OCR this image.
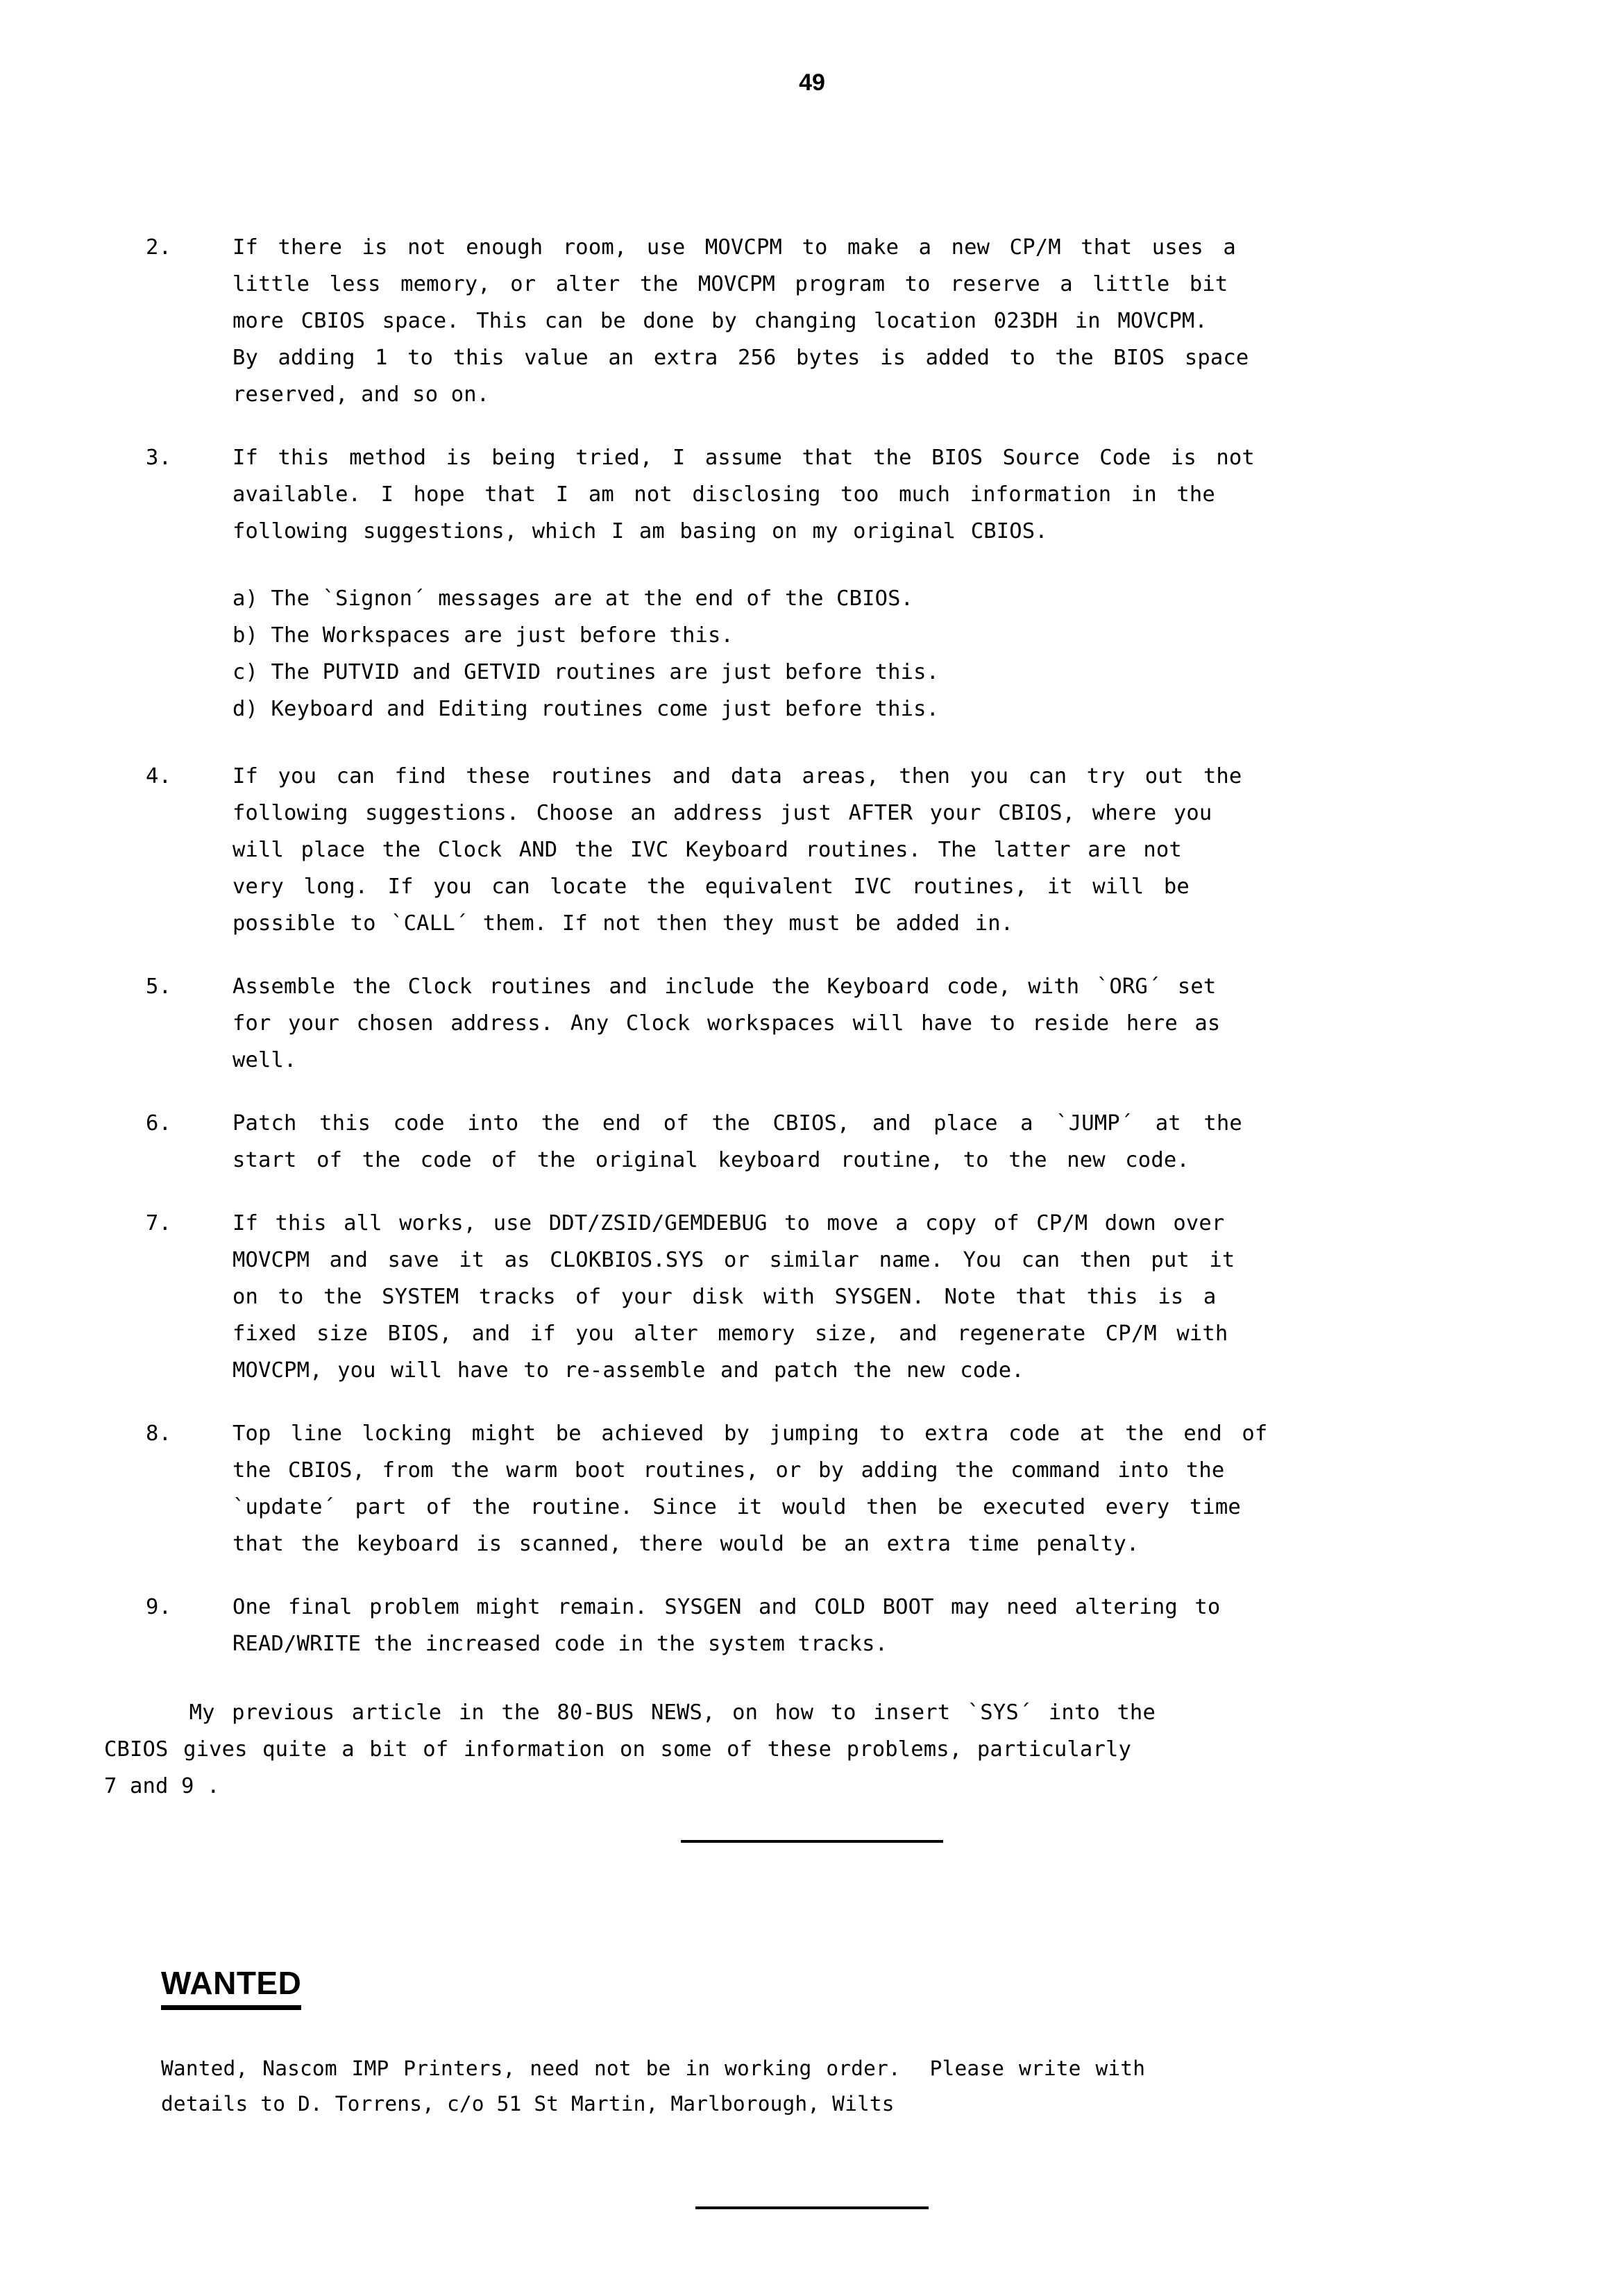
49
2.	If there is not enough room, use MOVCPM to make a new CP/M that uses a
little less memory, or alter the MOVCPM program to reserve a little bit
more CBIOS space. This can be done by changing location 023DH in MOVCPM.
By adding 1 to this value an extra 256 bytes is added to the BIOS space
reserved, and so on.
3.	If this method is being tried, I assume that the BIOS Source Code is not
available. I hope that I am not disclosing too much information in the
following suggestions, which I am basing on my original CBIOS.
a) The `Signon´ messages are at the end of the CBIOS.
b) The Workspaces are just before this.
c) The PUTVID and GETVID routines are just before this.
d) Keyboard and Editing routines come just before this.
4.	If you can find these routines and data areas, then you can try out the
following suggestions. Choose an address just AFTER your CBIOS, where you
will place the Clock AND the IVC Keyboard routines. The latter are not
very long. If you can locate the equivalent IVC routines, it will be
possible to `CALL´ them. If not then they must be added in.
5.	Assemble the Clock routines and include the Keyboard code, with `ORG´ set
for your chosen address. Any Clock workspaces will have to reside here as
well.
6.	Patch this code into the end of the CBIOS, and place a `JUMP´ at the
start of the code of the original keyboard routine, to the new code.
7.	If this all works, use DDT/ZSID/GEMDEBUG to move a copy of CP/M down over
MOVCPM and save it as CLOKBIOS.SYS or similar name. You can then put it
on to the SYSTEM tracks of your disk with SYSGEN. Note that this is a
fixed size BIOS, and if you alter memory size, and regenerate CP/M with
MOVCPM, you will have to re-assemble and patch the new code.
8.	Top line locking might be achieved by jumping to extra code at the end of
the CBIOS, from the warm boot routines, or by adding the command into the
`update´ part of the routine. Since it would then be executed every time
that the keyboard is scanned, there would be an extra time penalty.
9.	One final problem might remain. SYSGEN and COLD BOOT may need altering to
READ/WRITE the increased code in the system tracks.
My previous article in the 80-BUS NEWS, on how to insert `SYS´ into the
CBIOS gives quite a bit of information on some of these problems, particularly
7 and 9 .
WANTED
Wanted, Nascom IMP Printers, need not be in working order.  Please write with
details to D. Torrens, c/o 51 St Martin, Marlborough, Wilts
